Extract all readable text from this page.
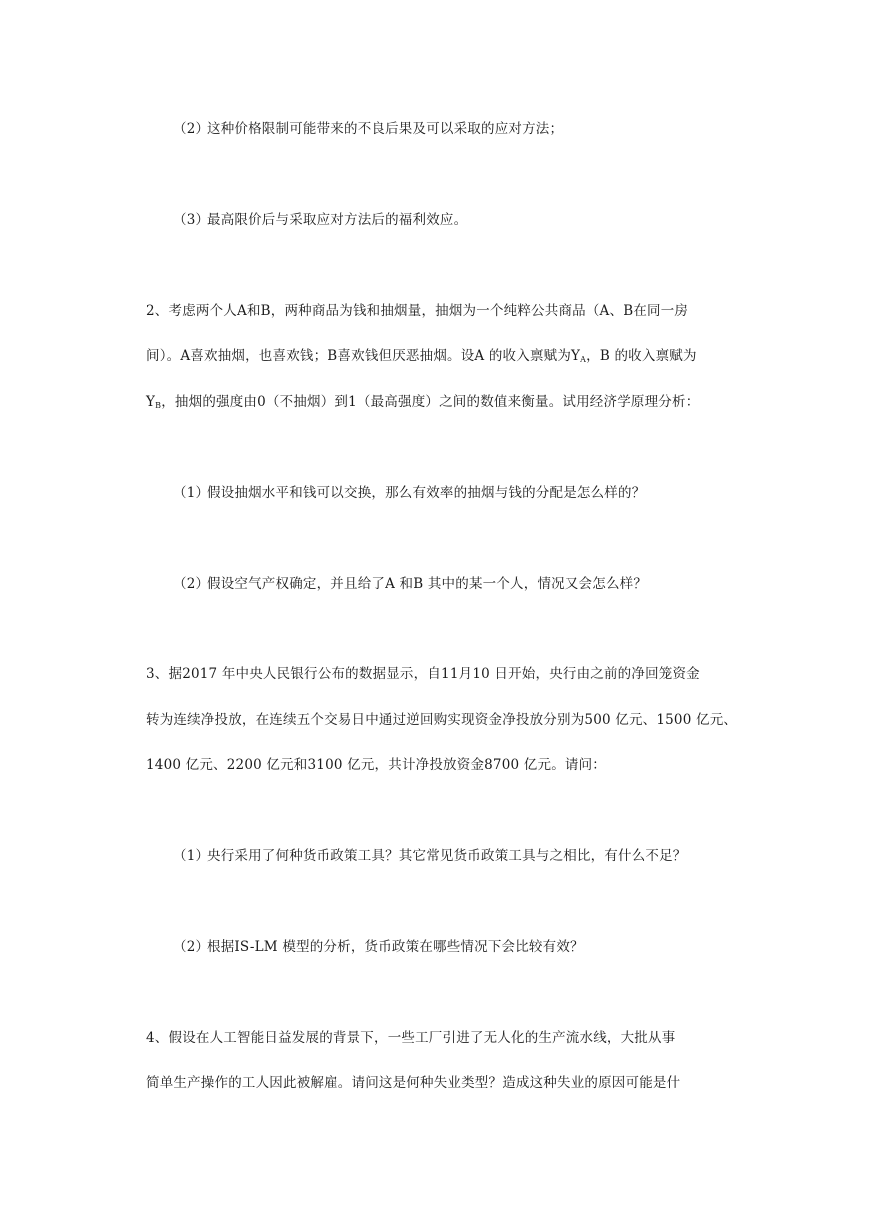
（2）这种价格限制可能带来的不良后果及可以采取的应对方法；
（3）最高限价后与采取应对方法后的福利效应。
2、考虑两个人A和B，两种商品为钱和抽烟量，抽烟为一个纯粹公共商品（A、B在同一房
间）。A喜欢抽烟，也喜欢钱；B喜欢钱但厌恶抽烟。设A 的收入禀赋为$Y_A$，B 的收入禀赋为
$Y_B$，抽烟的强度由0（不抽烟）到1（最高强度）之间的数值来衡量。试用经济学原理分析：
（1）假设抽烟水平和钱可以交换，那么有效率的抽烟与钱的分配是怎么样的？
（2）假设空气产权确定，并且给了A 和B 其中的某一个人，情况又会怎么样？
3、据2017 年中央人民银行公布的数据显示，自11月10 日开始，央行由之前的净回笼资金
转为连续净投放，在连续五个交易日中通过逆回购实现资金净投放分别为500 亿元、1500 亿元、
1400 亿元、2200 亿元和3100 亿元，共计净投放资金8700 亿元。请问：
（1）央行采用了何种货币政策工具？其它常见货币政策工具与之相比，有什么不足？
（2）根据IS-LM 模型的分析，货币政策在哪些情况下会比较有效？
4、假设在人工智能日益发展的背景下，一些工厂引进了无人化的生产流水线，大批从事
简单生产操作的工人因此被解雇。请问这是何种失业类型？造成这种失业的原因可能是什
